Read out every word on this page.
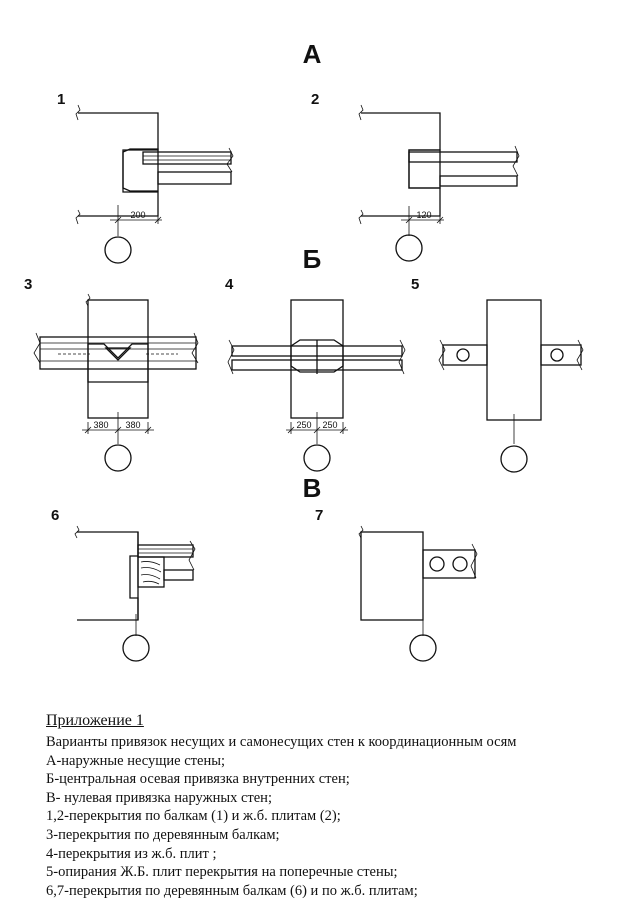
А
Б
В
1	2
3	4	5
6	7
200	120
380 380	250 250
Приложение 1
Варианты привязок несущих и самонесущих стен к координационным осям
А-наружные несущие стены;
Б-центральная осевая привязка внутренних стен;
В- нулевая привязка наружных стен;
1,2-перекрытия по балкам (1) и ж.б. плитам (2);
3-перекрытия по деревянным балкам;
4-перекрытия из ж.б. плит ;
5-опирания Ж.Б. плит перекрытия на поперечные стены;
6,7-перекрытия по деревянным балкам (6) и по ж.б. плитам;
